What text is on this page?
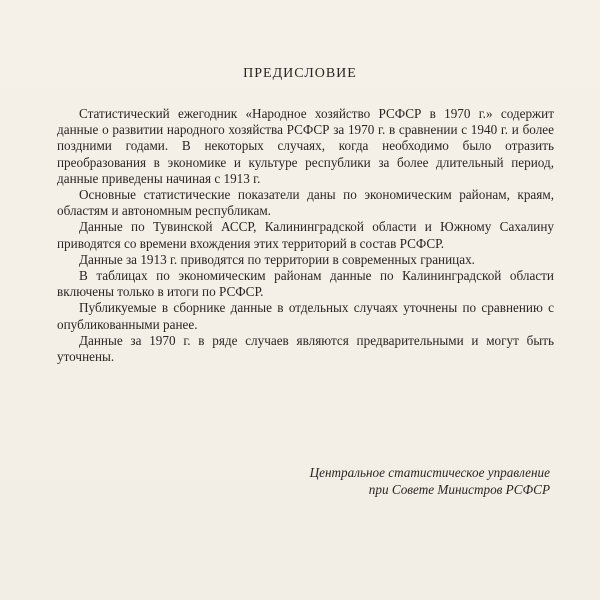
ПРЕДИСЛОВИЕ

Статистический ежегодник «Народное хозяйство РСФСР в 1970 г.» содержит данные о развитии народного хозяйства РСФСР за 1970 г. в сравнении с 1940 г. и более поздними годами. В некоторых случаях, когда необходимо было отразить преобразования в экономике и культуре республики за более длительный период, данные приведены начиная с 1913 г.

Основные статистические показатели даны по экономическим районам, краям, областям и автономным республикам.

Данные по Тувинской АССР, Калининградской области и Южному Сахалину приводятся со времени вхождения этих территорий в состав РСФСР.

Данные за 1913 г. приводятся по территории в современных границах.

В таблицах по экономическим районам данные по Калининградской области включены только в итоги по РСФСР.

Публикуемые в сборнике данные в отдельных случаях уточнены по сравнению с опубликованными ранее.

Данные за 1970 г. в ряде случаев являются предварительными и могут быть уточнены.

Центральное статистическое управление
при Совете Министров РСФСР
